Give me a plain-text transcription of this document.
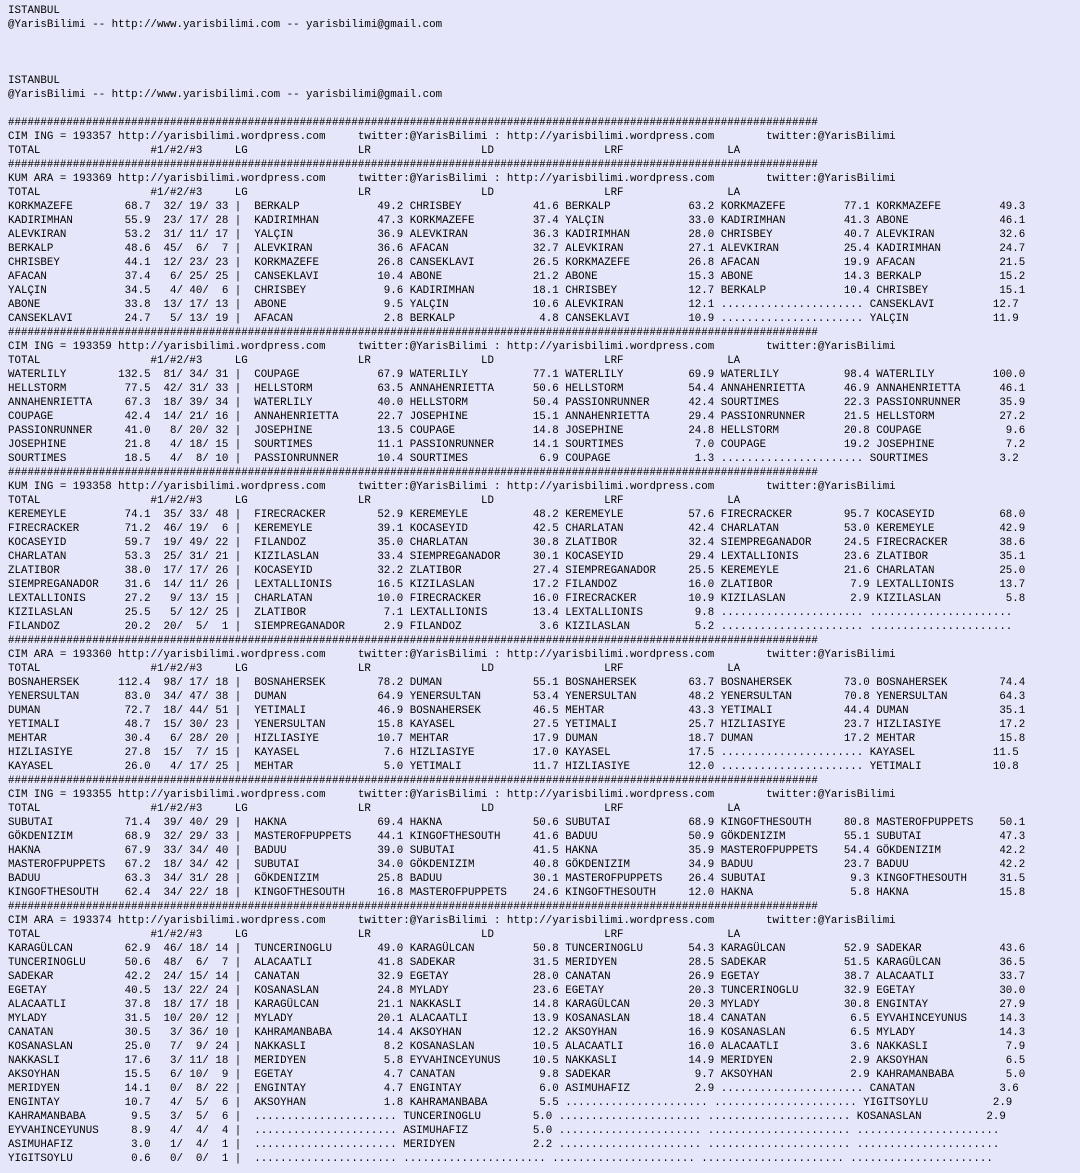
ISTANBUL
@YarisBilimi -- http://www.yarisbilimi.com -- yarisbilimi@gmail.com

ISTANBUL
@YarisBilimi -- http://www.yarisbilimi.com -- yarisbilimi@gmail.com

#############################################################################################################################
CIM ING = 193357 http://yarisbilimi.wordpress.com     twitter:@YarisBilimi : http://yarisbilimi.wordpress.com        twitter:@YarisBilimi
TOTAL                 #1/#2/#3     LG                 LR                 LD                 LRF                LA
#############################################################################################################################
KUM ARA = 193369 http://yarisbilimi.wordpress.com     twitter:@YarisBilimi : http://yarisbilimi.wordpress.com        twitter:@YarisBilimi
TOTAL                 #1/#2/#3     LG                 LR                 LD                 LRF                LA
KORKMAZEFE        68.7  32/ 19/ 33 |  BERKALP            49.2 CHRISBEY           41.6 BERKALP            63.2 KORKMAZEFE         77.1 KORKMAZEFE         49.3
KADIRIMHAN        55.9  23/ 17/ 28 |  KADIRIMHAN         47.3 KORKMAZEFE         37.4 YALÇIN             33.0 KADIRIMHAN         41.3 ABONE              46.1
ALEVKIRAN         53.2  31/ 11/ 17 |  YALÇIN             36.9 ALEVKIRAN          36.3 KADIRIMHAN         28.0 CHRISBEY           40.7 ALEVKIRAN          32.6
BERKALP           48.6  45/  6/  7 |  ALEVKIRAN          36.6 AFACAN             32.7 ALEVKIRAN          27.1 ALEVKIRAN          25.4 KADIRIMHAN         24.7
CHRISBEY          44.1  12/ 23/ 23 |  KORKMAZEFE         26.8 CANSEKLAVI         26.5 KORKMAZEFE         26.8 AFACAN             19.9 AFACAN             21.5
AFACAN            37.4   6/ 25/ 25 |  CANSEKLAVI         10.4 ABONE              21.2 ABONE              15.3 ABONE              14.3 BERKALP            15.2
YALÇIN            34.5   4/ 40/  6 |  CHRISBEY            9.6 KADIRIMHAN         18.1 CHRISBEY           12.7 BERKALP            10.4 CHRISBEY           15.1
ABONE             33.8  13/ 17/ 13 |  ABONE               9.5 YALÇIN             10.6 ALEVKIRAN          12.1 ...................... CANSEKLAVI         12.7
CANSEKLAVI        24.7   5/ 13/ 19 |  AFACAN              2.8 BERKALP             4.8 CANSEKLAVI         10.9 ...................... YALÇIN             11.9
#############################################################################################################################
CIM ING = 193359 http://yarisbilimi.wordpress.com     twitter:@YarisBilimi : http://yarisbilimi.wordpress.com        twitter:@YarisBilimi
TOTAL                 #1/#2/#3     LG                 LR                 LD                 LRF                LA
WATERLILY        132.5  81/ 34/ 31 |  COUPAGE            67.9 WATERLILY          77.1 WATERLILY          69.9 WATERLILY          98.4 WATERLILY         100.0
HELLSTORM         77.5  42/ 31/ 33 |  HELLSTORM          63.5 ANNAHENRIETTA      50.6 HELLSTORM          54.4 ANNAHENRIETTA      46.9 ANNAHENRIETTA      46.1
ANNAHENRIETTA     67.3  18/ 39/ 34 |  WATERLILY          40.0 HELLSTORM          50.4 PASSIONRUNNER      42.4 SOURTIMES          22.3 PASSIONRUNNER      35.9
COUPAGE           42.4  14/ 21/ 16 |  ANNAHENRIETTA      22.7 JOSEPHINE          15.1 ANNAHENRIETTA      29.4 PASSIONRUNNER      21.5 HELLSTORM          27.2
PASSIONRUNNER     41.0   8/ 20/ 32 |  JOSEPHINE          13.5 COUPAGE            14.8 JOSEPHINE          24.8 HELLSTORM          20.8 COUPAGE             9.6
JOSEPHINE         21.8   4/ 18/ 15 |  SOURTIMES          11.1 PASSIONRUNNER      14.1 SOURTIMES           7.0 COUPAGE            19.2 JOSEPHINE           7.2
SOURTIMES         18.5   4/  8/ 10 |  PASSIONRUNNER      10.4 SOURTIMES           6.9 COUPAGE             1.3 ...................... SOURTIMES           3.2
#############################################################################################################################
KUM ING = 193358 http://yarisbilimi.wordpress.com     twitter:@YarisBilimi : http://yarisbilimi.wordpress.com        twitter:@YarisBilimi
TOTAL                 #1/#2/#3     LG                 LR                 LD                 LRF                LA
KEREMEYLE         74.1  35/ 33/ 48 |  FIRECRACKER        52.9 KEREMEYLE          48.2 KEREMEYLE          57.6 FIRECRACKER        95.7 KOCASEYID          68.0
FIRECRACKER       71.2  46/ 19/  6 |  KEREMEYLE          39.1 KOCASEYID          42.5 CHARLATAN          42.4 CHARLATAN          53.0 KEREMEYLE          42.9
KOCASEYID         59.7  19/ 49/ 22 |  FILANDOZ           35.0 CHARLATAN          30.8 ZLATIBOR           32.4 SIEMPREGANADOR     24.5 FIRECRACKER        38.6
CHARLATAN         53.3  25/ 31/ 21 |  KIZILASLAN         33.4 SIEMPREGANADOR     30.1 KOCASEYID          29.4 LEXTALLIONIS       23.6 ZLATIBOR           35.1
ZLATIBOR          38.0  17/ 17/ 26 |  KOCASEYID          32.2 ZLATIBOR           27.4 SIEMPREGANADOR     25.5 KEREMEYLE          21.6 CHARLATAN          25.0
SIEMPREGANADOR    31.6  14/ 11/ 26 |  LEXTALLIONIS       16.5 KIZILASLAN         17.2 FILANDOZ           16.0 ZLATIBOR            7.9 LEXTALLIONIS       13.7
LEXTALLIONIS      27.2   9/ 13/ 15 |  CHARLATAN          10.0 FIRECRACKER        16.0 FIRECRACKER        10.9 KIZILASLAN          2.9 KIZILASLAN          5.8
KIZILASLAN        25.5   5/ 12/ 25 |  ZLATIBOR            7.1 LEXTALLIONIS       13.4 LEXTALLIONIS        9.8 ...................... ......................
FILANDOZ          20.2  20/  5/  1 |  SIEMPREGANADOR      2.9 FILANDOZ            3.6 KIZILASLAN          5.2 ...................... ......................
#############################################################################################################################
CIM ARA = 193360 http://yarisbilimi.wordpress.com     twitter:@YarisBilimi : http://yarisbilimi.wordpress.com        twitter:@YarisBilimi
TOTAL                 #1/#2/#3     LG                 LR                 LD                 LRF                LA
BOSNAHERSEK      112.4  98/ 17/ 18 |  BOSNAHERSEK        78.2 DUMAN              55.1 BOSNAHERSEK        63.7 BOSNAHERSEK        73.0 BOSNAHERSEK        74.4
YENERSULTAN       83.0  34/ 47/ 38 |  DUMAN              64.9 YENERSULTAN        53.4 YENERSULTAN        48.2 YENERSULTAN        70.8 YENERSULTAN        64.3
DUMAN             72.7  18/ 44/ 51 |  YETIMALI           46.9 BOSNAHERSEK        46.5 MEHTAR             43.3 YETIMALI           44.4 DUMAN              35.1
YETIMALI          48.7  15/ 30/ 23 |  YENERSULTAN        15.8 KAYASEL            27.5 YETIMALI           25.7 HIZLIASIYE         23.7 HIZLIASIYE         17.2
MEHTAR            30.4   6/ 28/ 20 |  HIZLIASIYE         10.7 MEHTAR             17.9 DUMAN              18.7 DUMAN              17.2 MEHTAR             15.8
HIZLIASIYE        27.8  15/  7/ 15 |  KAYASEL             7.6 HIZLIASIYE         17.0 KAYASEL            17.5 ...................... KAYASEL            11.5
KAYASEL           26.0   4/ 17/ 25 |  MEHTAR              5.0 YETIMALI           11.7 HIZLIASIYE         12.0 ...................... YETIMALI           10.8
#############################################################################################################################
CIM ING = 193355 http://yarisbilimi.wordpress.com     twitter:@YarisBilimi : http://yarisbilimi.wordpress.com        twitter:@YarisBilimi
TOTAL                 #1/#2/#3     LG                 LR                 LD                 LRF                LA
SUBUTAI           71.4  39/ 40/ 29 |  HAKNA              69.4 HAKNA              50.6 SUBUTAI            68.9 KINGOFTHESOUTH     80.8 MASTEROFPUPPETS    50.1
GÖKDENIZIM        68.9  32/ 29/ 33 |  MASTEROFPUPPETS    44.1 KINGOFTHESOUTH     41.6 BADUU              50.9 GÖKDENIZIM         55.1 SUBUTAI            47.3
HAKNA             67.9  33/ 34/ 40 |  BADUU              39.0 SUBUTAI            41.5 HAKNA              35.9 MASTEROFPUPPETS    54.4 GÖKDENIZIM         42.2
MASTEROFPUPPETS   67.2  18/ 34/ 42 |  SUBUTAI            34.0 GÖKDENIZIM         40.8 GÖKDENIZIM         34.9 BADUU              23.7 BADUU              42.2
BADUU             63.3  34/ 31/ 28 |  GÖKDENIZIM         25.8 BADUU              30.1 MASTEROFPUPPETS    26.4 SUBUTAI             9.3 KINGOFTHESOUTH     31.5
KINGOFTHESOUTH    62.4  34/ 22/ 18 |  KINGOFTHESOUTH     16.8 MASTEROFPUPPETS    24.6 KINGOFTHESOUTH     12.0 HAKNA               5.8 HAKNA              15.8
#############################################################################################################################
CIM ARA = 193374 http://yarisbilimi.wordpress.com     twitter:@YarisBilimi : http://yarisbilimi.wordpress.com        twitter:@YarisBilimi
TOTAL                 #1/#2/#3     LG                 LR                 LD                 LRF                LA
KARAGÜLCAN        62.9  46/ 18/ 14 |  TUNCERINOGLU       49.0 KARAGÜLCAN         50.8 TUNCERINOGLU       54.3 KARAGÜLCAN         52.9 SADEKAR            43.6
TUNCERINOGLU      50.6  48/  6/  7 |  ALACAATLI          41.8 SADEKAR            31.5 MERIDYEN           28.5 SADEKAR            51.5 KARAGÜLCAN         36.5
SADEKAR           42.2  24/ 15/ 14 |  CANATAN            32.9 EGETAY             28.0 CANATAN            26.9 EGETAY             38.7 ALACAATLI          33.7
EGETAY            40.5  13/ 22/ 24 |  KOSANASLAN         24.8 MYLADY             23.6 EGETAY             20.3 TUNCERINOGLU       32.9 EGETAY             30.0
ALACAATLI         37.8  18/ 17/ 18 |  KARAGÜLCAN         21.1 NAKKASLI           14.8 KARAGÜLCAN         20.3 MYLADY             30.8 ENGINTAY           27.9
MYLADY            31.5  10/ 20/ 12 |  MYLADY             20.1 ALACAATLI          13.9 KOSANASLAN         18.4 CANATAN             6.5 EYVAHINCEYUNUS     14.3
CANATAN           30.5   3/ 36/ 10 |  KAHRAMANBABA       14.4 AKSOYHAN           12.2 AKSOYHAN           16.9 KOSANASLAN          6.5 MYLADY             14.3
KOSANASLAN        25.0   7/  9/ 24 |  NAKKASLI            8.2 KOSANASLAN         10.5 ALACAATLI          16.0 ALACAATLI           3.6 NAKKASLI            7.9
NAKKASLI          17.6   3/ 11/ 18 |  MERIDYEN            5.8 EYVAHINCEYUNUS     10.5 NAKKASLI           14.9 MERIDYEN            2.9 AKSOYHAN            6.5
AKSOYHAN          15.5   6/ 10/  9 |  EGETAY              4.7 CANATAN             9.8 SADEKAR             9.7 AKSOYHAN            2.9 KAHRAMANBABA        5.0
MERIDYEN          14.1   0/  8/ 22 |  ENGINTAY            4.7 ENGINTAY            6.0 ASIMUHAFIZ          2.9 ...................... CANATAN             3.6
ENGINTAY          10.7   4/  5/  6 |  AKSOYHAN            1.8 KAHRAMANBABA        5.5 ...................... ...................... YIGITSOYLU          2.9
KAHRAMANBABA       9.5   3/  5/  6 |  ...................... TUNCERINOGLU        5.0 ...................... ...................... KOSANASLAN          2.9
EYVAHINCEYUNUS     8.9   4/  4/  4 |  ...................... ASIMUHAFIZ          5.0 ...................... ...................... ......................
ASIMUHAFIZ         3.0   1/  4/  1 |  ...................... MERIDYEN            2.2 ...................... ...................... ......................
YIGITSOYLU         0.6   0/  0/  1 |  ...................... ...................... ...................... ...................... ......................
